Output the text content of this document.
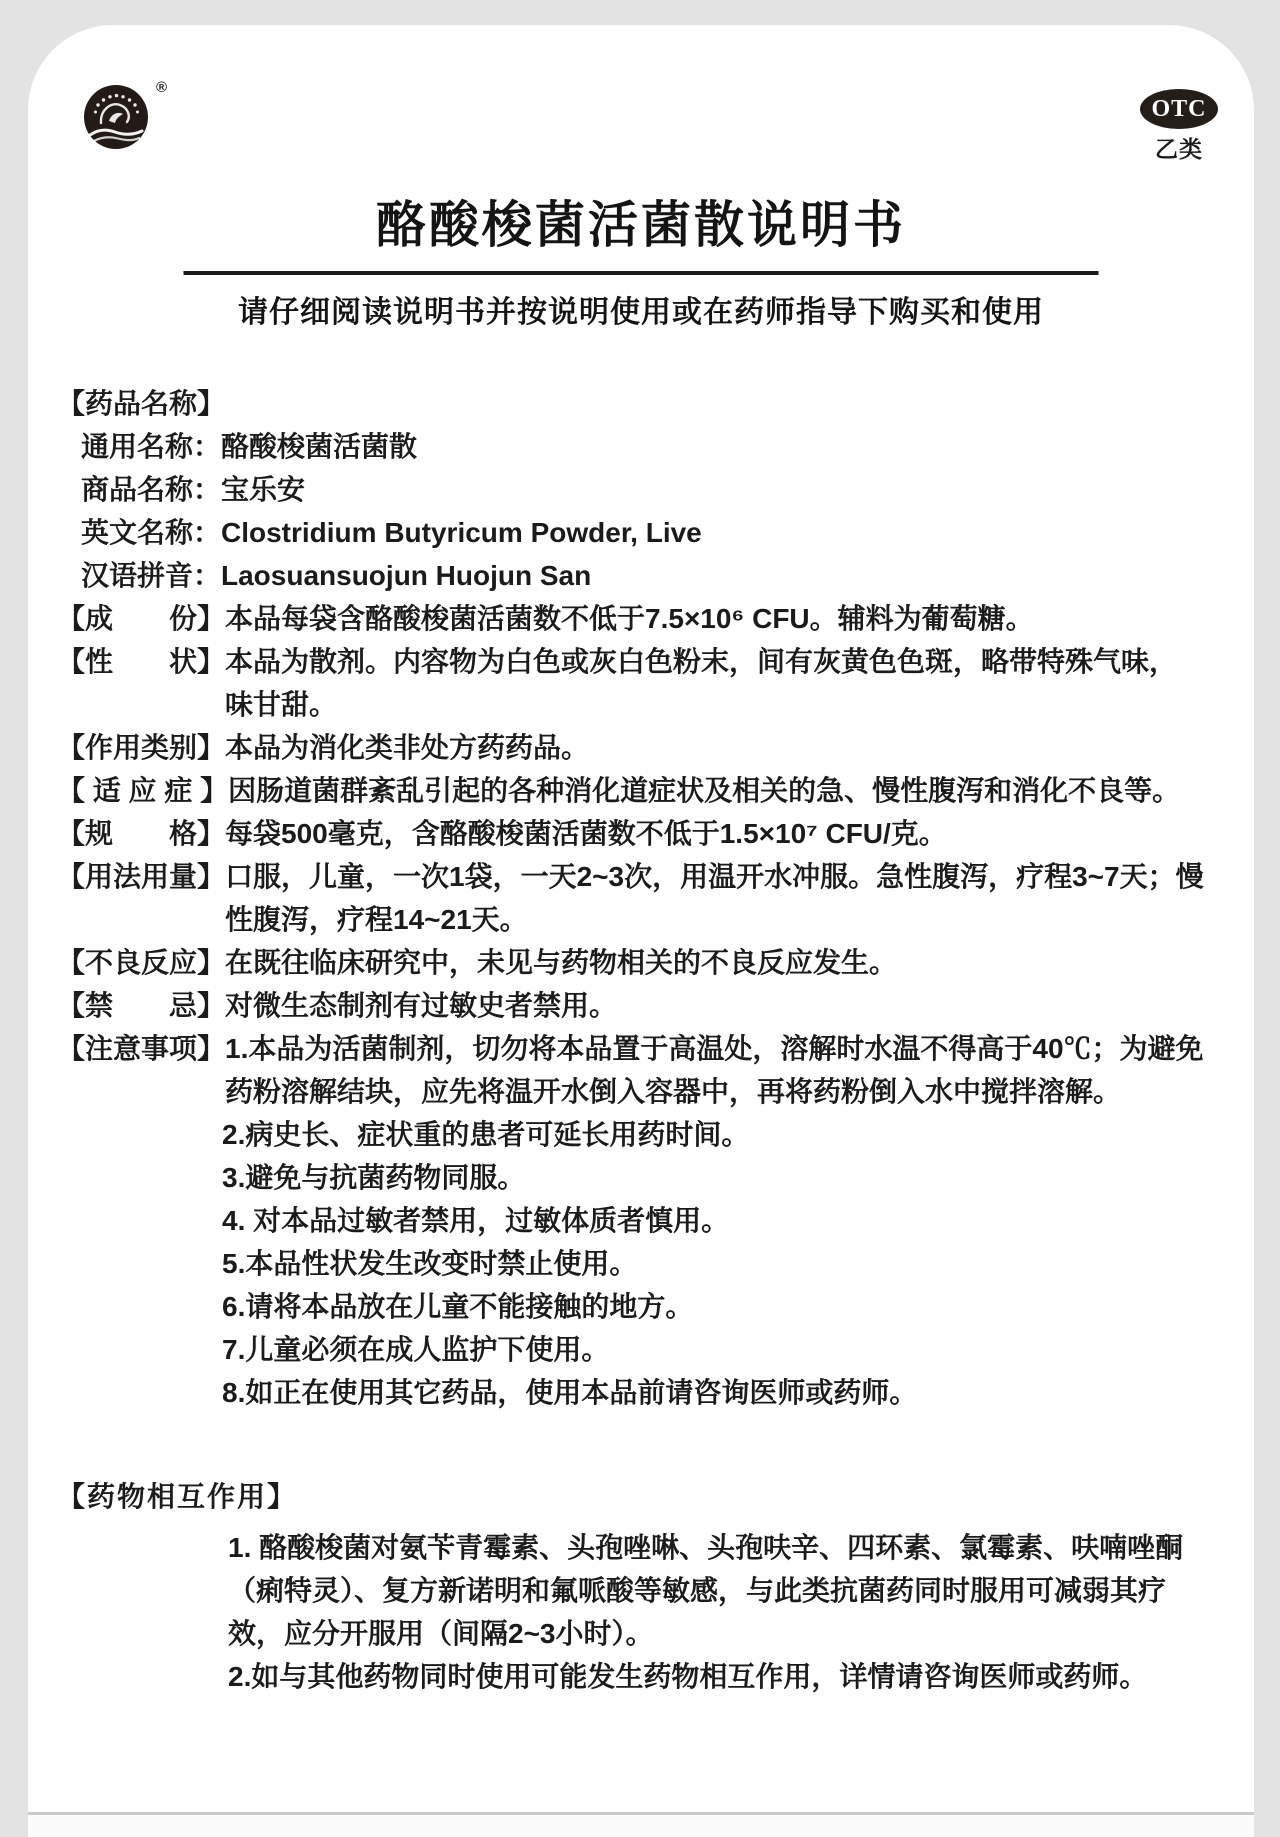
®
OTC
乙类
酪酸梭菌活菌散说明书
请仔细阅读说明书并按说明使用或在药师指导下购买和使用
【药品名称】
通用名称：酪酸梭菌活菌散
商品名称：宝乐安
英文名称：Clostridium Butyricum Powder, Live
汉语拼音：Laosuansuojun Huojun San
【成　　份】 本品每袋含酪酸梭菌活菌数不低于7.5×10⁶ CFU。辅料为葡萄糖。
【性　　状】 本品为散剂。内容物为白色或灰白色粉末，间有灰黄色色斑，略带特殊气味，味甘甜。
【作用类别】 本品为消化类非处方药药品。
【 适 应 症 】 因肠道菌群紊乱引起的各种消化道症状及相关的急、慢性腹泻和消化不良等。
【规　　格】 每袋500毫克，含酪酸梭菌活菌数不低于1.5×10⁷ CFU/克。
【用法用量】 口服，儿童，一次1袋，一天2~3次，用温开水冲服。急性腹泻，疗程3~7天；慢性腹泻，疗程14~21天。
【不良反应】 在既往临床研究中，未见与药物相关的不良反应发生。
【禁　　忌】 对微生态制剂有过敏史者禁用。
【注意事项】 1.本品为活菌制剂，切勿将本品置于高温处，溶解时水温不得高于40℃；为避免药粉溶解结块，应先将温开水倒入容器中，再将药粉倒入水中搅拌溶解。
2.病史长、症状重的患者可延长用药时间。
3.避免与抗菌药物同服。
4. 对本品过敏者禁用，过敏体质者慎用。
5.本品性状发生改变时禁止使用。
6.请将本品放在儿童不能接触的地方。
7.儿童必须在成人监护下使用。
8.如正在使用其它药品，使用本品前请咨询医师或药师。
【药物相互作用】
1. 酪酸梭菌对氨苄青霉素、头孢唑啉、头孢呋辛、四环素、氯霉素、呋喃唑酮（痢特灵）、复方新诺明和氟哌酸等敏感，与此类抗菌药同时服用可减弱其疗效，应分开服用（间隔2~3小时）。
2.如与其他药物同时使用可能发生药物相互作用，详情请咨询医师或药师。
